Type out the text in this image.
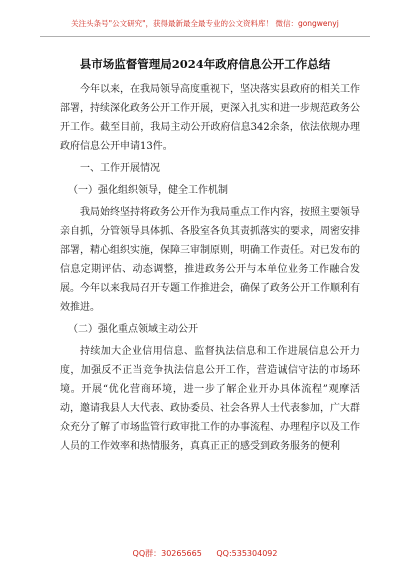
关注头条号"公文研究"，获得最新最全最专业的公文资料库！ 微信：gongwenyj
县市场监督管理局2024年政府信息公开工作总结

今年以来，在我局领导高度重视下，坚决落实县政府的相关工作部署，持续深化政务公开工作开展，更深入扎实和进一步规范政务公开工作。截至目前，我局主动公开政府信息342余条，依法依规办理政府信息公开申请13件。

一、工作开展情况

（一）强化组织领导，健全工作机制

我局始终坚持将政务公开作为我局重点工作内容，按照主要领导亲自抓，分管领导具体抓、各股室各负其责抓落实的要求，周密安排部署，精心组织实施，保障三审制原则，明确工作责任。对已发布的信息定期评估、动态调整，推进政务公开与本单位业务工作融合发展。今年以来我局召开专题工作推进会，确保了政务公开工作顺利有效推进。

（二）强化重点领域主动公开

持续加大企业信用信息、监督执法信息和工作进展信息公开力度，加强反不正当竞争执法信息公开工作，营造诚信守法的市场环境。开展“优化营商环境，进一步了解企业开办具体流程”观摩活动，邀请我县人大代表、政协委员、社会各界人士代表参加，广大群众充分了解了市场监管行政审批工作的办事流程、办理程序以及工作人员的工作效率和热情服务，真真正正的感受到政务服务的便利

QQ群：30265665 QQ:535304092
